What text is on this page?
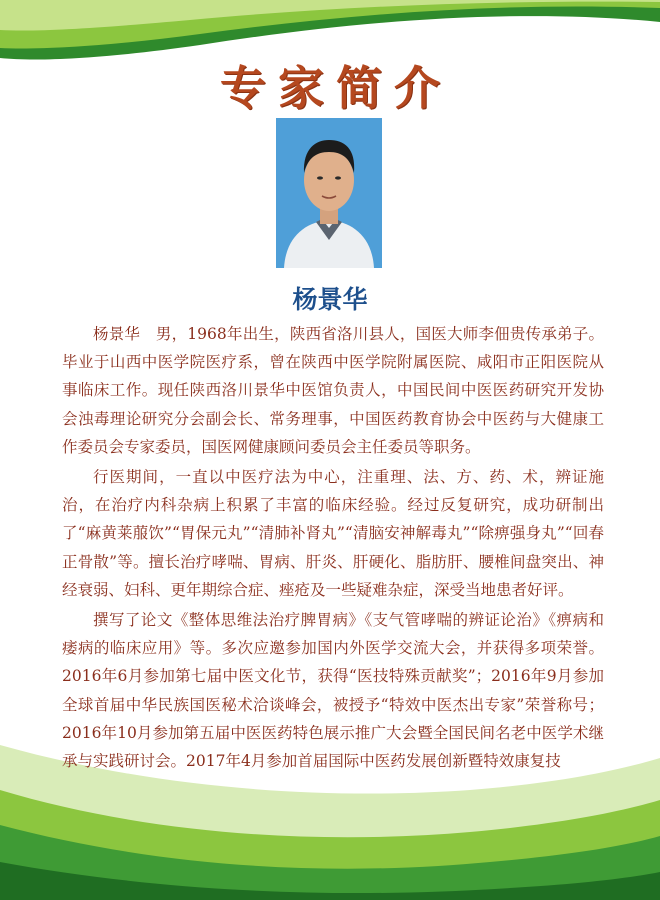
专家简介
杨景华

杨景华　男，1968年出生，陕西省洛川县人，国医大师李佃贵传承弟子。毕业于山西中医学院医疗系，曾在陕西中医学院附属医院、咸阳市正阳医院从事临床工作。现任陕西洛川景华中医馆负责人，中国民间中医医药研究开发协会浊毒理论研究分会副会长、常务理事，中国医药教育协会中医药与大健康工作委员会专家委员，国医网健康顾问委员会主任委员等职务。

行医期间，一直以中医疗法为中心，注重理、法、方、药、术，辨证施治，在治疗内科杂病上积累了丰富的临床经验。经过反复研究，成功研制出了“麻黄莱菔饮”“胃保元丸”“清肺补肾丸”“清脑安神解毒丸”“除痹强身丸”“回春正骨散”等。擅长治疗哮喘、胃病、肝炎、肝硬化、脂肪肝、腰椎间盘突出、神经衰弱、妇科、更年期综合症、痤疮及一些疑难杂症，深受当地患者好评。

撰写了论文《整体思维法治疗脾胃病》《支气管哮喘的辨证论治》《痹病和痿病的临床应用》等。多次应邀参加国内外医学交流大会，并获得多项荣誉。2016年6月参加第七届中医文化节，获得“医技特殊贡献奖”；2016年9月参加全球首届中华民族国医秘术洽谈峰会，被授予“特效中医杰出专家”荣誉称号；2016年10月参加第五届中医医药特色展示推广大会暨全国民间名老中医学术继承与实践研讨会。2017年4月参加首届国际中医药发展创新暨特效康复技
